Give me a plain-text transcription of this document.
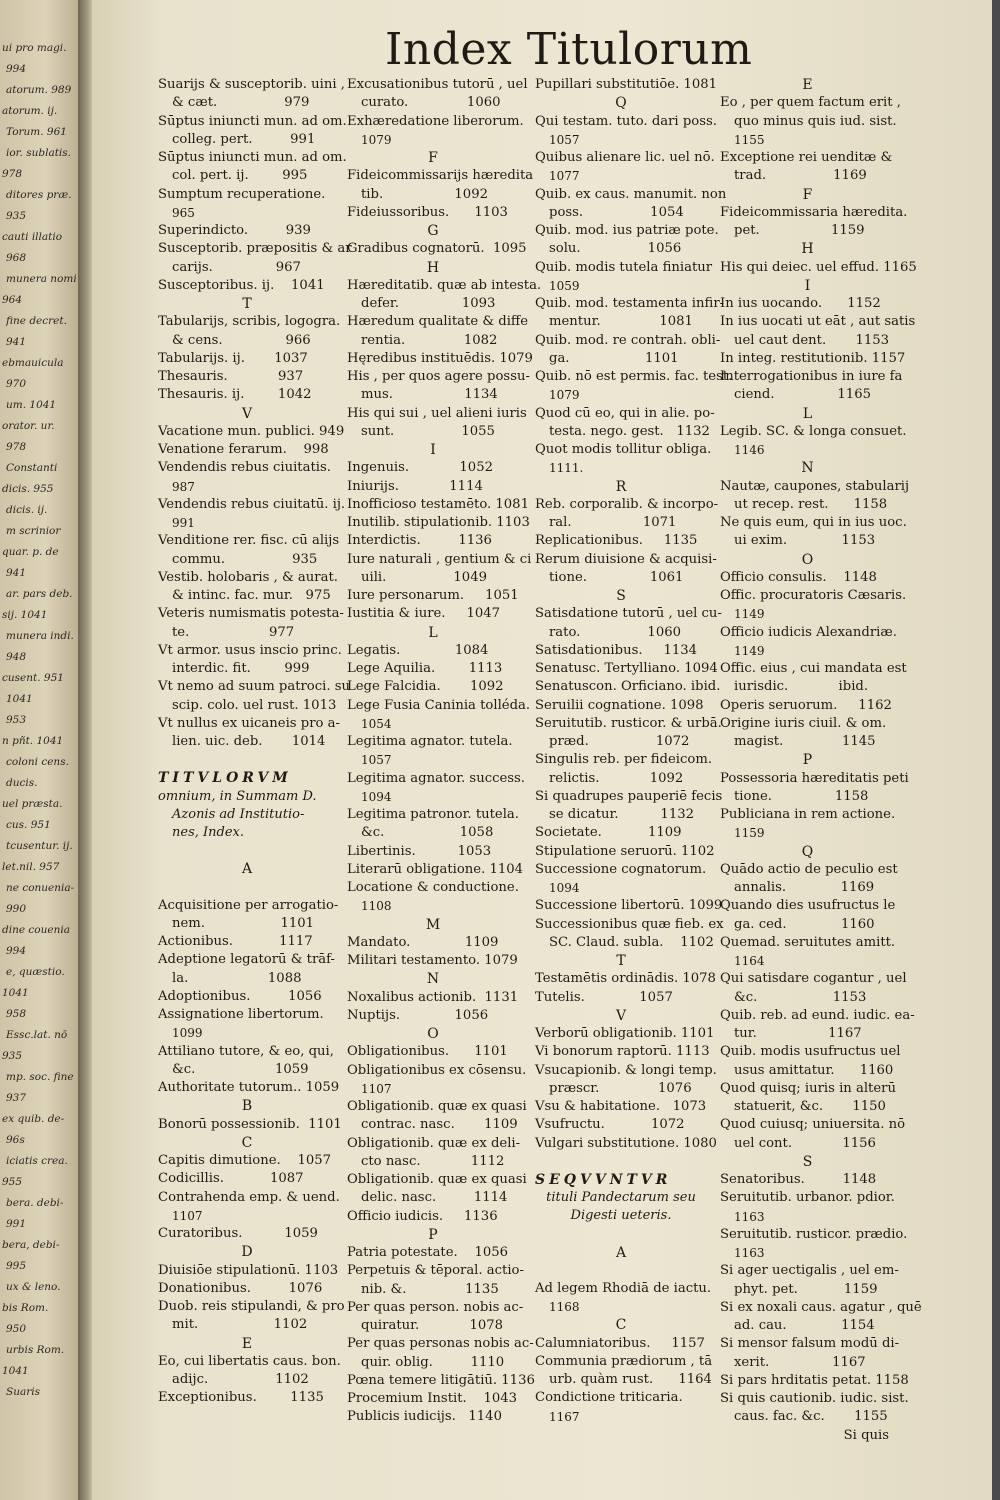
ui pro magi.
994
atorum. 989
atorum. ij.
Torum. 961
ior. sublatis.
978
ditores præ.
935
cauti illatio
968
munera nomi
964
fine decret.
941
ebmauicula
970
um. 1041
orator. ur.
978
Constanti
dicis. 955
dicis. ij.
m scrinior
quar. p. de
941
ar. pars deb.
sij. 1041
munera indi.
948
cusent. 951
1041
953
n pñt. 1041
coloni cens.
ducis.
uel præsta.
cus. 951
tcusentur. ij.
let.nil. 957
ne conuenia-
990
dine couenia
994
e, quæstio.
1041
958
Essc.lat. nō
935
mp. soc. fine
937
ex quib. de-
96s
iciatis crea.
955
bera. debi-
991
bera, debi-
995
ux & leno.
bis Rom.
950
urbis Rom.
1041
Suaris
Index Titulorum
Suarijs & susceptorib. uini ,
& cæt.                979
Sūptus iniuncti mun. ad om.
colleg. pert.         991
Sūptus iniuncti mun. ad om.
col. pert. ij.        995
Sumptum recuperatione.
965
Superindicto.         939
Susceptorib. præpositis & ar
carijs.               967
Susceptoribus. ij.    1041
T
Tabularijs, scribis, logogra.
& cens.               966
Tabularijs. ij.       1037
Thesauris.            937
Thesauris. ij.        1042
V
Vacatione mun. publici. 949
Venatione ferarum.    998
Vendendis rebus ciuitatis.
987
Vendendis rebus ciuitatū. ij.
991
Venditione rer. fisc. cū alijs
commu.                935
Vestib. holobaris , & aurat.
& intinc. fac. mur.   975
Veteris numismatis potesta-
te.                   977
Vt armor. usus inscio princ.
interdic. fit.        999
Vt nemo ad suum patroci. su
scip. colo. uel rust. 1013
Vt nullus ex uicaneis pro a-
lien. uic. deb.       1014
TITVLORVM
omnium, in Summam D.
Azonis ad Institutio-
nes, Index.
A
Acquisitione per arrogatio-
nem.                  1101
Actionibus.           1117
Adeptione legatorū & trāf-
la.                   1088
Adoptionibus.         1056
Assignatione libertorum.
1099
Attiliano tutore, & eo, qui,
&c.                   1059
Authoritate tutorum.. 1059
B
Bonorū possessionib.  1101
C
Capitis dimutione.    1057
Codicillis.           1087
Contrahenda emp. & uend.
1107
Curatoribus.          1059
D
Diuisiōe stipulationū. 1103
Donationibus.         1076
Duob. reis stipulandi, & pro
mit.                  1102
E
Eo, cui libertatis caus. bon.
adijc.                1102
Exceptionibus.        1135
Excusationibus tutorū , uel
curato.              1060
Exhæredatione liberorum.
1079
F
Fideicommissarijs hæredita
tib.                 1092
Fideiussoribus.      1103
G
Gradibus cognatorū.  1095
H
Hæreditatib. quæ ab intesta.
defer.               1093
Hæredum qualitate & diffe
rentia.              1082
Hęredibus instituēdis. 1079
His , per quos agere possu-
mus.                 1134
His qui sui , uel alieni iuris
sunt.                1055
I
Ingenuis.            1052
Iniurijs.            1114
Inofficioso testamēto. 1081
Inutilib. stipulationib. 1103
Interdictis.         1136
Iure naturali , gentium & ci
uili.                1049
Iure personarum.     1051
Iustitia & iure.     1047
L
Legatis.             1084
Lege Aquilia.        1113
Lege Falcidia.       1092
Lege Fusia Caninia tolléda.
1054
Legitima agnator. tutela.
1057
Legitima agnator. success.
1094
Legitima patronor. tutela.
&c.                  1058
Libertinis.          1053
Literarū obligatione. 1104
Locatione & conductione.
1108
M
Mandato.             1109
Militari testamento. 1079
N
Noxalibus actionib.  1131
Nuptijs.             1056
O
Obligationibus.      1101
Obligationibus ex cōsensu.
1107
Obligationib. quæ ex quasi
contrac. nasc.       1109
Obligationib. quæ ex deli-
cto nasc.            1112
Obligationib. quæ ex quasi
delic. nasc.         1114
Officio iudicis.     1136
P
Patria potestate.    1056
Perpetuis & tēporal. actio-
nib. &.              1135
Per quas person. nobis ac-
quiratur.            1078
Per quas personas nobis ac-
quir. oblig.         1110
Pœna temere litigātiū. 1136
Procemium Instit.    1043
Publicis iudicijs.   1140
Pupillari substitutiōe. 1081
Q
Qui testam. tuto. dari poss.
1057
Quibus alienare lic. uel nō.
1077
Quib. ex caus. manumit. non
poss.                1054
Quib. mod. ius patriæ pote.
solu.                1056
Quib. modis tutela finiatur
1059
Quib. mod. testamenta infir-
mentur.              1081
Quib. mod. re contrah. obli-
ga.                  1101
Quib. nō est permis. fac. test.
1079
Quod cū eo, qui in alie. po-
testa. nego. gest.   1132
Quot modis tollitur obliga.
1111.
R
Reb. corporalib. & incorpo-
ral.                 1071
Replicationibus.     1135
Rerum diuisione & acquisi-
tione.               1061
S
Satisdatione tutorū , uel cu-
rato.                1060
Satisdationibus.     1134
Senatusc. Tertylliano. 1094
Senatuscon. Orficiano. ibid.
Seruilii cognatione. 1098
Seruitutib. rusticor. & urbā.
præd.                1072
Singulis reb. per fideicom.
relictis.            1092
Si quadrupes pauperiē fecis
se dicatur.          1132
Societate.           1109
Stipulatione seruorū. 1102
Successione cognatorum.
1094
Successione libertorū. 1099
Successionibus quæ fieb. ex
SC. Claud. subla.    1102
T
Testamētis ordinādis. 1078
Tutelis.             1057
V
Verborū obligationib. 1101
Vi bonorum raptorū. 1113
Vsucapionib. & longi temp.
præscr.              1076
Vsu & habitatione.   1073
Vsufructu.           1072
Vulgari substitutione. 1080
SEQVVNTVR
tituli Pandectarum seu
Digesti ueteris.
A
Ad legem Rhodiā de iactu.
1168
C
Calumniatoribus.     1157
Communia prædiorum , tā
urb. quàm rust.      1164
Condictione triticaria.
1167
E
Eo , per quem factum erit ,
quo minus quis iud. sist.
1155
Exceptione rei uenditæ &
trad.                1169
F
Fideicommissaria hæredita.
pet.                 1159
H
His qui deiec. uel effud. 1165
I
In ius uocando.      1152
In ius uocati ut eāt , aut satis
uel caut dent.       1153
In integ. restitutionib. 1157
Interrogationibus in iure fa
ciend.               1165
L
Legib. SC. & longa consuet.
1146
N
Nautæ, caupones, stabularij
ut recep. rest.      1158
Ne quis eum, qui in ius uoc.
ui exim.             1153
O
Officio consulis.    1148
Offic. procuratoris Cæsaris.
1149
Officio iudicis Alexandriæ.
1149
Offic. eius , cui mandata est
iurisdic.            ibid.
Operis seruorum.     1162
Origine iuris ciuil. & om.
magist.              1145
P
Possessoria hæreditatis peti
tione.               1158
Publiciana in rem actione.
1159
Q
Quādo actio de peculio est
annalis.             1169
Quando dies usufructus le
ga. ced.             1160
Quemad. seruitutes amitt.
1164
Qui satisdare cogantur , uel
&c.                  1153
Quib. reb. ad eund. iudic. ea-
tur.                 1167
Quib. modis usufructus uel
usus amittatur.      1160
Quod quisq; iuris in alterū
statuerit, &c.       1150
Quod cuiusq; uniuersita. nō
uel cont.            1156
S
Senatoribus.         1148
Seruitutib. urbanor. pdior.
1163
Seruitutib. rusticor. prædio.
1163
Si ager uectigalis , uel em-
phyt. pet.           1159
Si ex noxali caus. agatur , quē
ad. cau.             1154
Si mensor falsum modū di-
xerit.               1167
Si pars hrditatis petat. 1158
Si quis cautionib. iudic. sist.
caus. fac. &c.       1155
Si quis
